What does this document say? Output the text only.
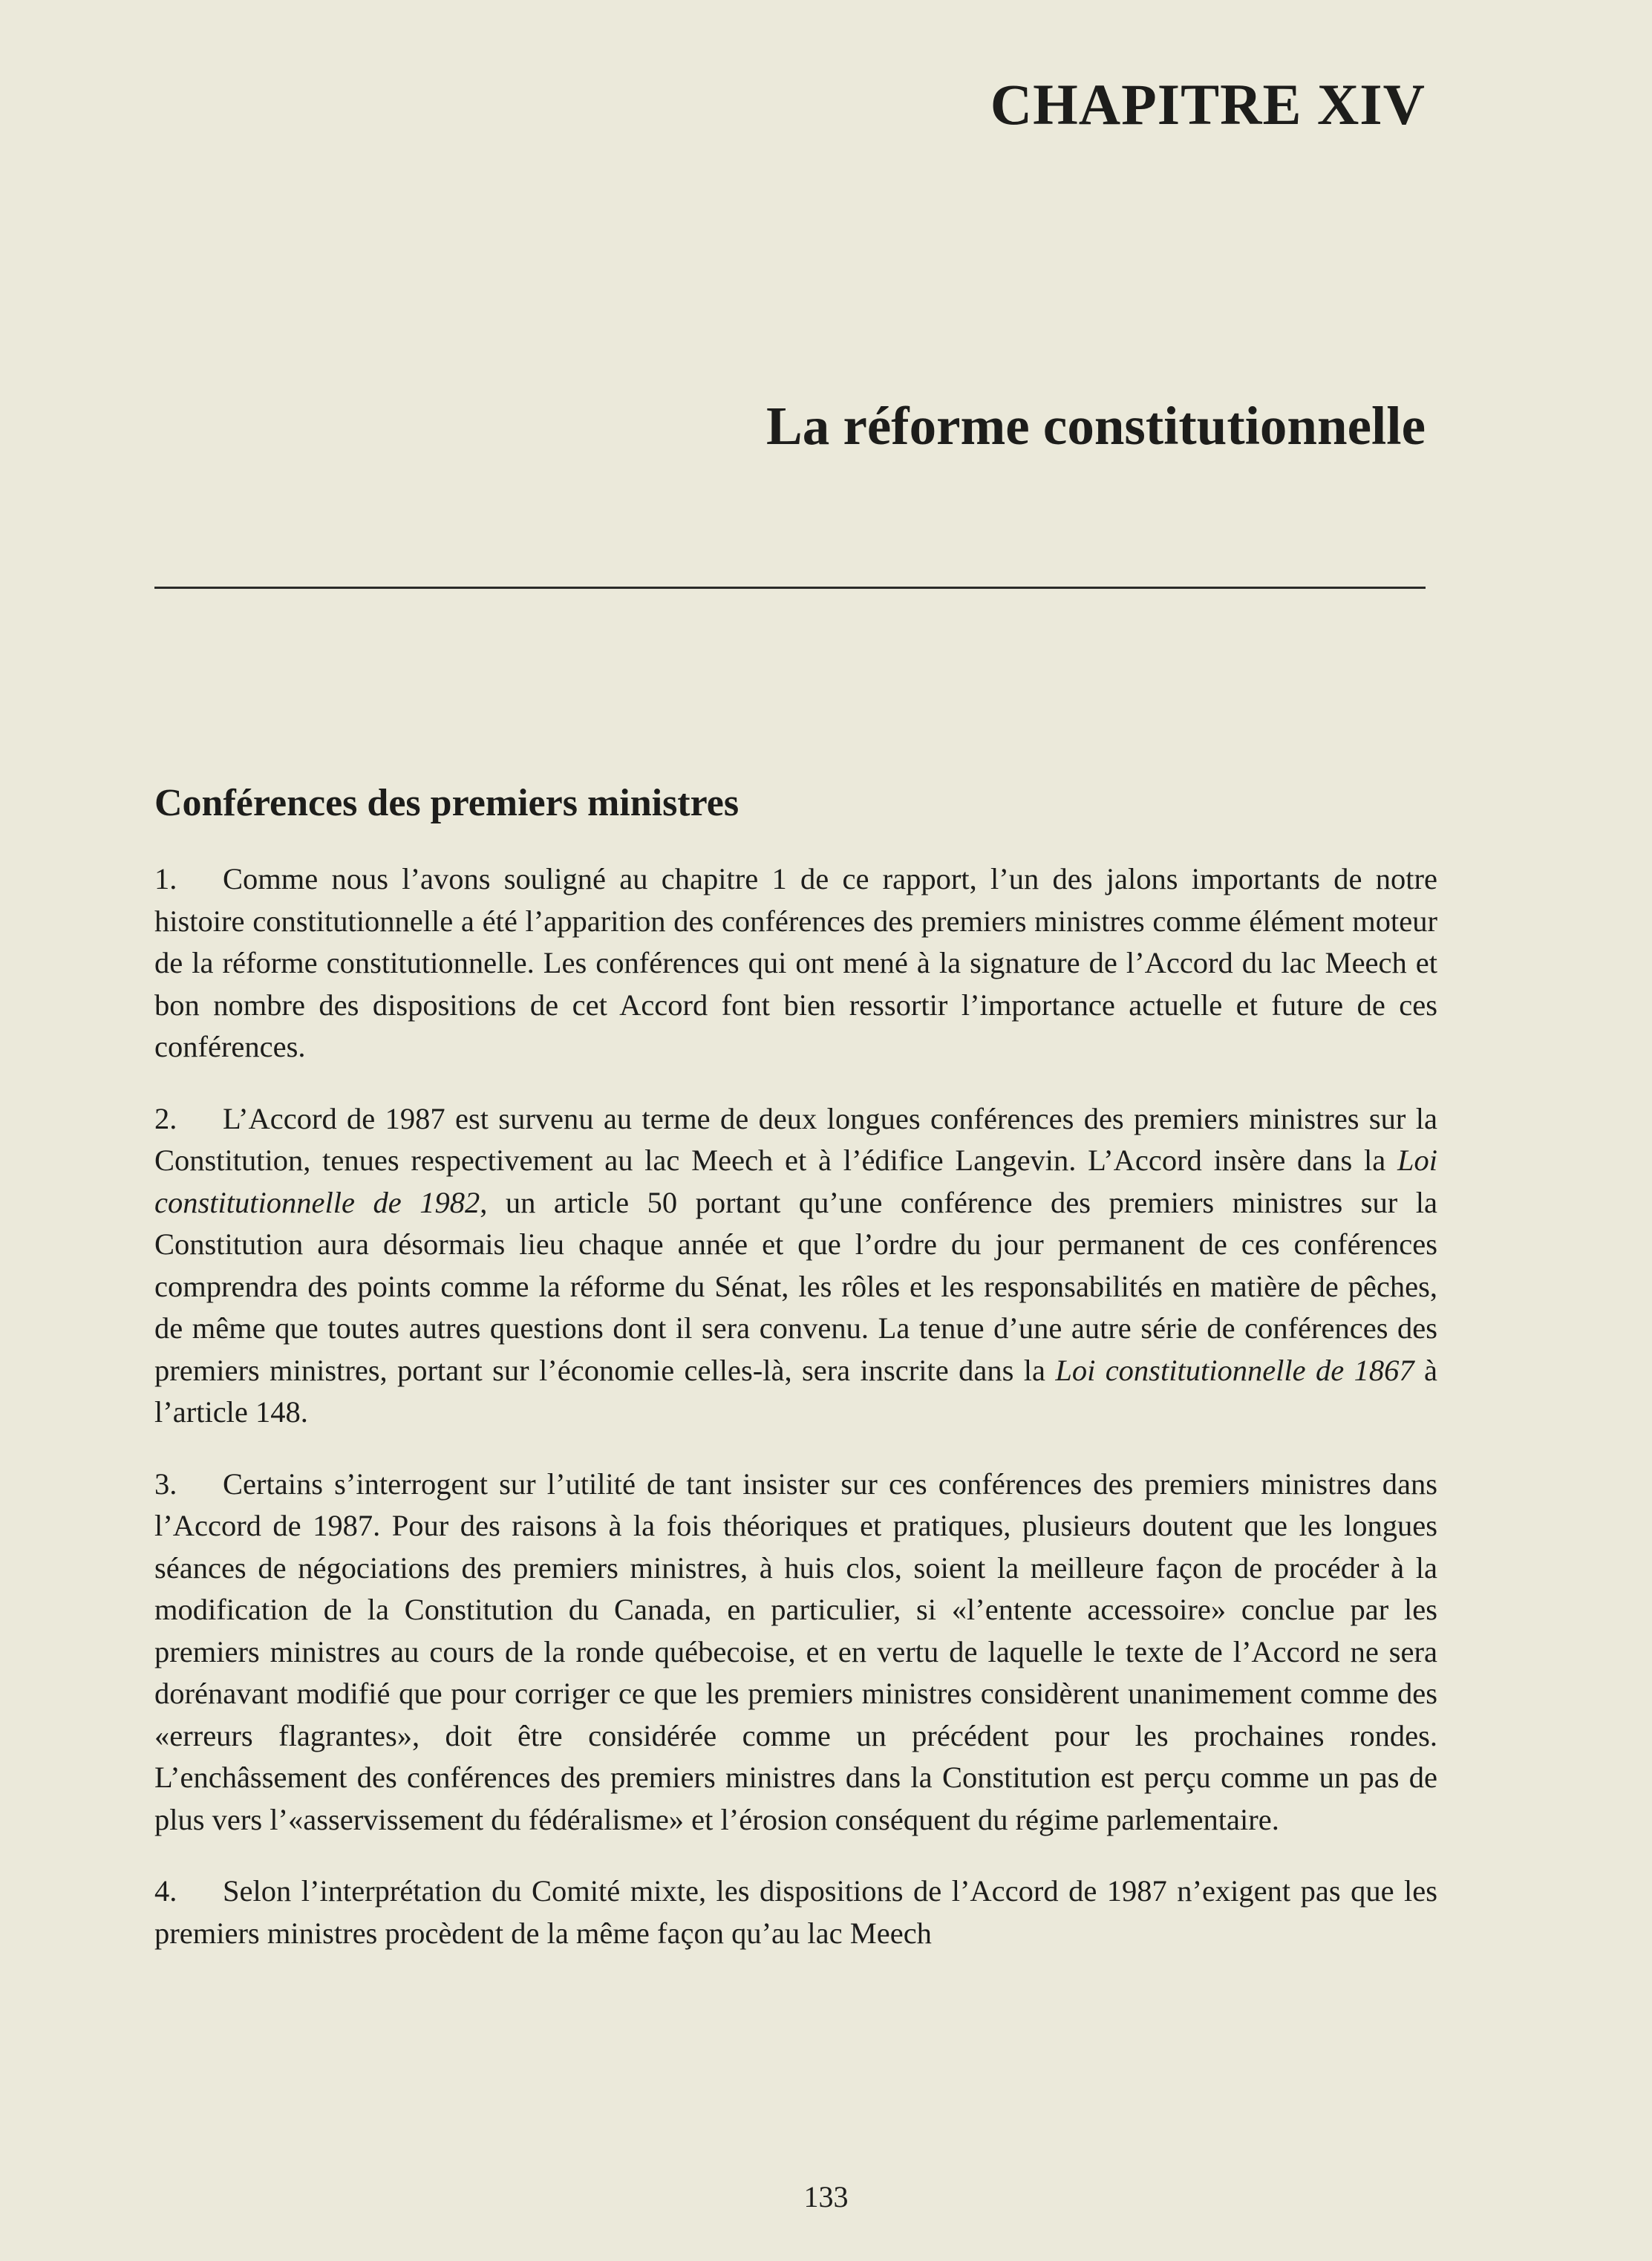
CHAPITRE XIV
La réforme constitutionnelle
Conférences des premiers ministres

1. Comme nous l’avons souligné au chapitre 1 de ce rapport, l’un des jalons importants de notre histoire constitutionnelle a été l’apparition des conférences des premiers ministres comme élément moteur de la réforme constitutionnelle. Les conférences qui ont mené à la signature de l’Accord du lac Meech et bon nombre des dispositions de cet Accord font bien ressortir l’importance actuelle et future de ces conférences.

2. L’Accord de 1987 est survenu au terme de deux longues conférences des premiers ministres sur la Constitution, tenues respectivement au lac Meech et à l’édifice Langevin. L’Accord insère dans la Loi constitutionnelle de 1982, un article 50 portant qu’une conférence des premiers ministres sur la Constitution aura désormais lieu chaque année et que l’ordre du jour permanent de ces conférences comprendra des points comme la réforme du Sénat, les rôles et les responsabilités en matière de pêches, de même que toutes autres questions dont il sera convenu. La tenue d’une autre série de conférences des premiers ministres, portant sur l’économie celles-là, sera inscrite dans la Loi constitutionnelle de 1867 à l’article 148.

3. Certains s’interrogent sur l’utilité de tant insister sur ces conférences des premiers ministres dans l’Accord de 1987. Pour des raisons à la fois théoriques et pratiques, plusieurs doutent que les longues séances de négociations des premiers ministres, à huis clos, soient la meilleure façon de procéder à la modification de la Constitution du Canada, en particulier, si «l’entente accessoire» conclue par les premiers ministres au cours de la ronde québecoise, et en vertu de laquelle le texte de l’Accord ne sera dorénavant modifié que pour corriger ce que les premiers ministres considèrent unanimement comme des «erreurs flagrantes», doit être considérée comme un précédent pour les prochaines rondes. L’enchâssement des conférences des premiers ministres dans la Constitution est perçu comme un pas de plus vers l’«asservissement du fédéralisme» et l’érosion conséquent du régime parlementaire.

4. Selon l’interprétation du Comité mixte, les dispositions de l’Accord de 1987 n’exigent pas que les premiers ministres procèdent de la même façon qu’au lac Meech

133
